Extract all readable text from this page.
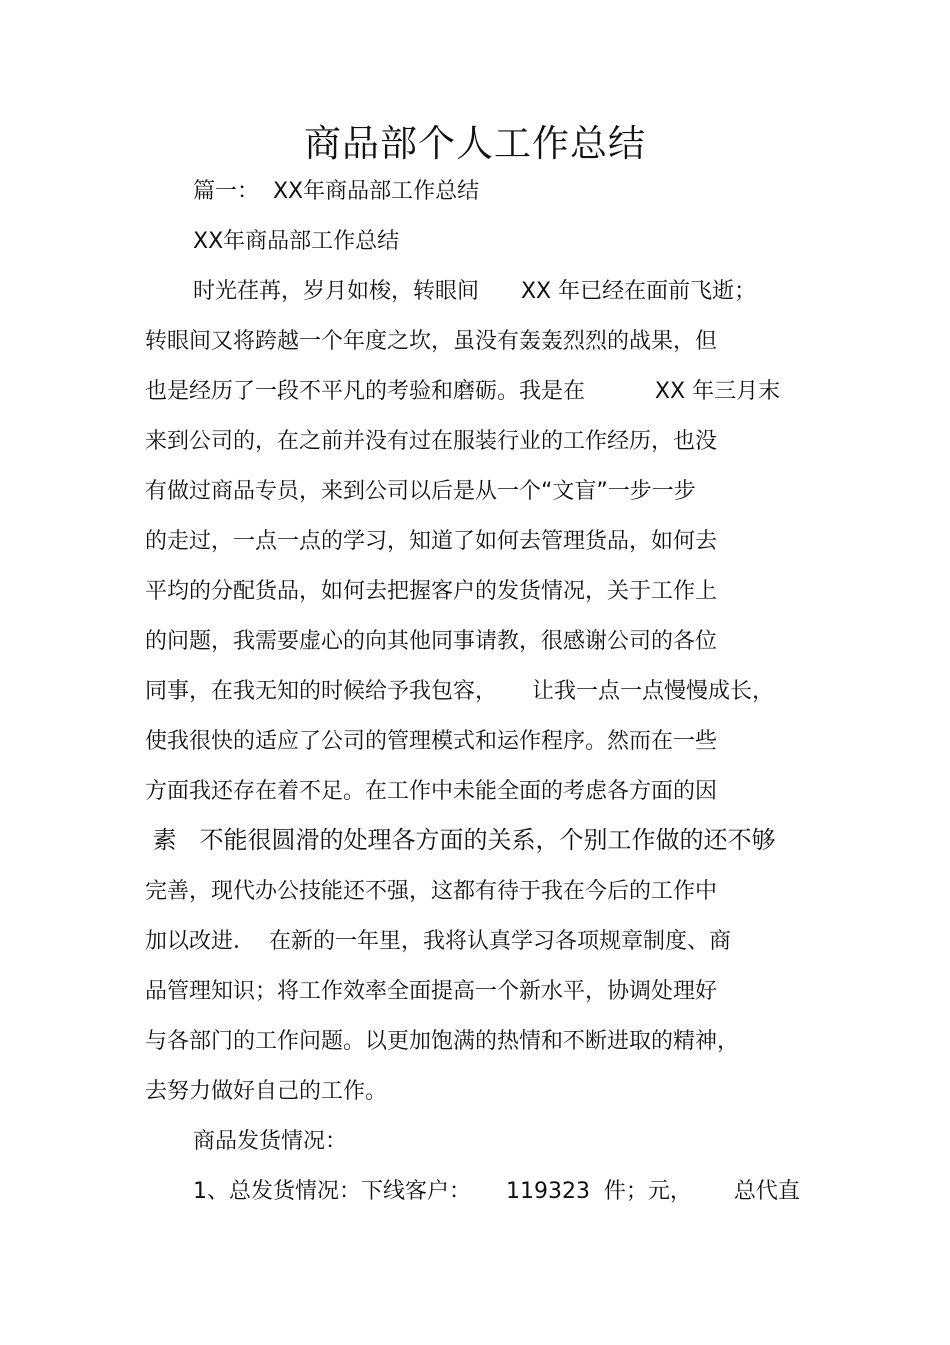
商品部个人工作总结
篇一：  XX年商品部工作总结
XX年商品部工作总结
时光荏苒，岁月如梭，转眼间      XX 年已经在面前飞逝；
转眼间又将跨越一个年度之坎，虽没有轰轰烈烈的战果，但
也是经历了一段不平凡的考验和磨砺。我是在          XX 年三月末
来到公司的，在之前并没有过在服装行业的工作经历，也没
有做过商品专员，来到公司以后是从一个“文盲”一步一步
的走过，一点一点的学习，知道了如何去管理货品，如何去
平均的分配货品，如何去把握客户的发货情况，关于工作上
的问题，我需要虚心的向其他同事请教，很感谢公司的各位
同事，在我无知的时候给予我包容，     让我一点一点慢慢成长，
使我很快的适应了公司的管理模式和运作程序。然而在一些
方面我还存在着不足。在工作中未能全面的考虑各方面的因
素   不能很圆滑的处理各方面的关系，个别工作做的还不够
完善，现代办公技能还不强，这都有待于我在今后的工作中
加以改进．  在新的一年里，我将认真学习各项规章制度、商
品管理知识；将工作效率全面提高一个新水平，协调处理好
与各部门的工作问题。以更加饱满的热情和不断进取的精神，
去努力做好自己的工作。
商品发货情况：
1、总发货情况：下线客户：     119323  件；元，      总代直
